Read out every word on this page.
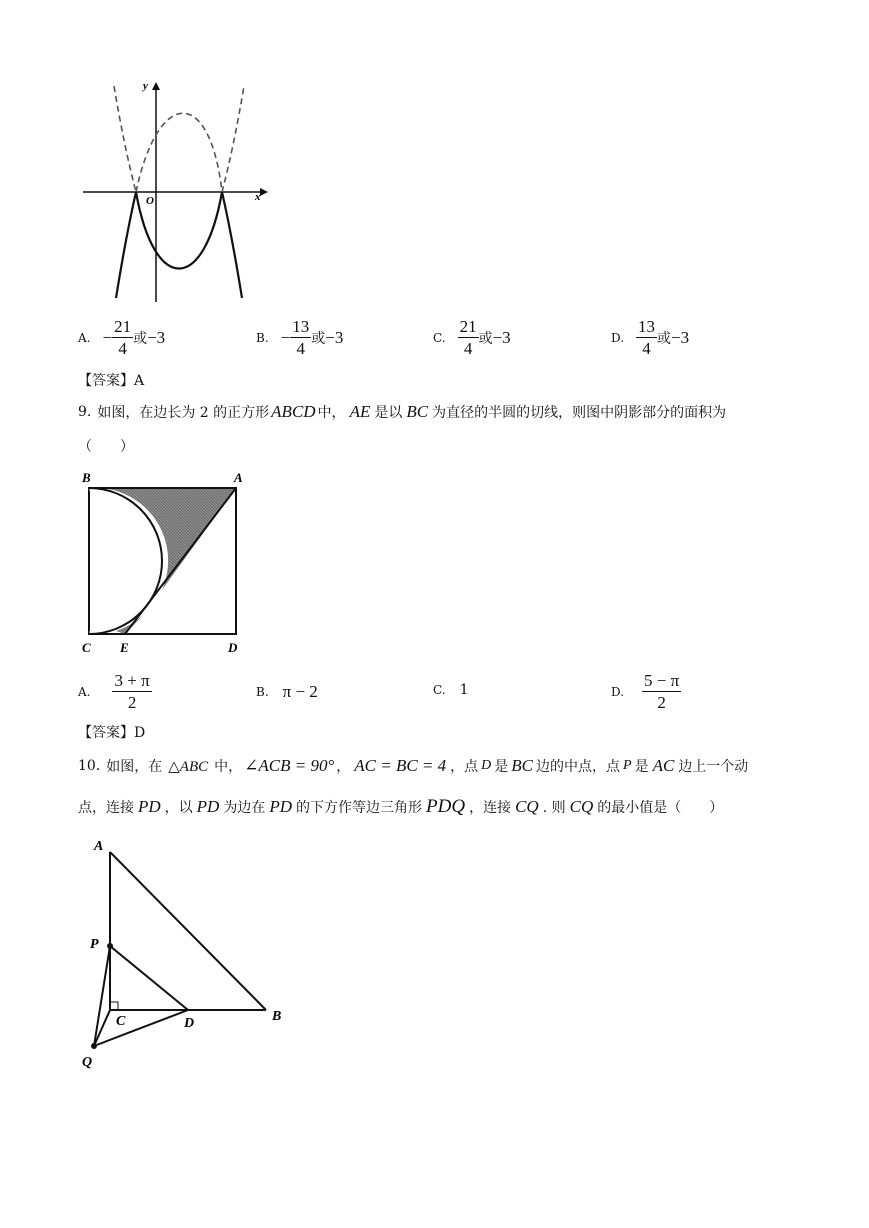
y
x
O
A. − $\frac{21}{4}$ 或 −3	B. − $\frac{13}{4}$ 或 −3	C. $\frac{21}{4}$ 或 −3	D. $\frac{13}{4}$ 或 −3
【答案】A
9. 如图，在边长为 2 的正方形 ABCD 中， AE 是以 BC 为直径的半圆的切线，则图中阴影部分的面积为
（　　）
B	A
C E	D
A. $\frac{3 + \pi}{2}$	B. π − 2	C. 1	D. $\frac{5 - \pi}{2}$
【答案】D
10. 如图，在 △ABC 中， ∠ACB = 90° ， AC = BC = 4 ，点 D 是 BC 边的中点，点 P 是 AC 边上一个动
点，连接 PD ，以 PD 为边在 PD 的下方作等边三角形 PDQ ，连接 CQ . 则 CQ 的最小值是（　　）
A
P
C	D	B
Q
